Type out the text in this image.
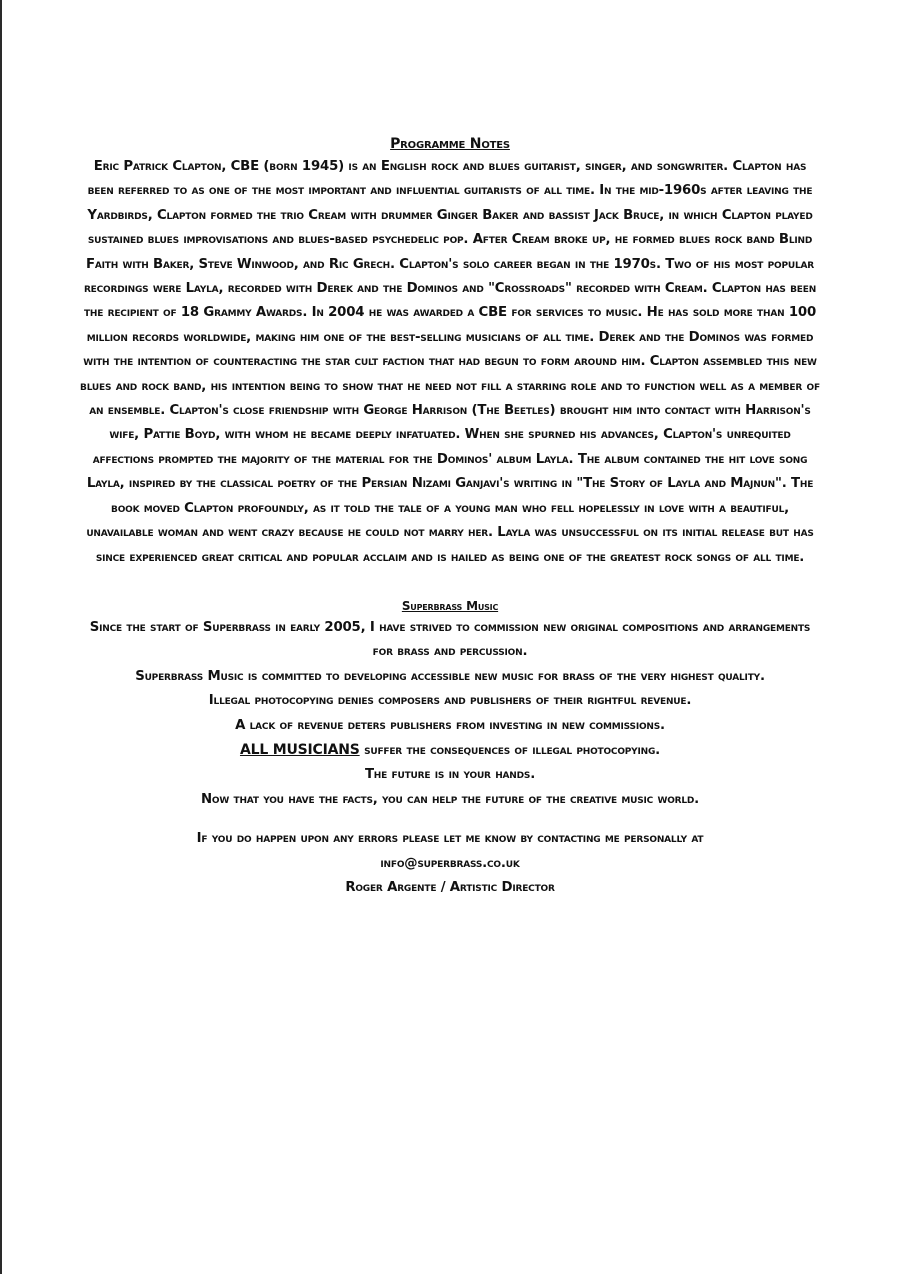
Programme Notes

Eric Patrick Clapton, CBE (born 1945) is an English rock and blues guitarist, singer, and songwriter. Clapton has been referred to as one of the most important and influential guitarists of all time. In the mid-1960s after leaving the Yardbirds, Clapton formed the trio Cream with drummer Ginger Baker and bassist Jack Bruce, in which Clapton played sustained blues improvisations and blues-based psychedelic pop. After Cream broke up, he formed blues rock band Blind Faith with Baker, Steve Winwood, and Ric Grech. Clapton's solo career began in the 1970s. Two of his most popular recordings were Layla, recorded with Derek and the Dominos and "Crossroads" recorded with Cream. Clapton has been the recipient of 18 Grammy Awards. In 2004 he was awarded a CBE for services to music. He has sold more than 100 million records worldwide, making him one of the best-selling musicians of all time. Derek and the Dominos was formed with the intention of counteracting the star cult faction that had begun to form around him. Clapton assembled this new blues and rock band, his intention being to show that he need not fill a starring role and to function well as a member of an ensemble. Clapton's close friendship with George Harrison (The Beetles) brought him into contact with Harrison's wife, Pattie Boyd, with whom he became deeply infatuated. When she spurned his advances, Clapton's unrequited affections prompted the majority of the material for the Dominos' album Layla. The album contained the hit love song Layla, inspired by the classical poetry of the Persian Nizami Ganjavi's writing in "The Story of Layla and Majnun". The book moved Clapton profoundly, as it told the tale of a young man who fell hopelessly in love with a beautiful, unavailable woman and went crazy because he could not marry her. Layla was unsuccessful on its initial release but has since experienced great critical and popular acclaim and is hailed as being one of the greatest rock songs of all time.

Superbrass Music
Since the start of Superbrass in early 2005, I have strived to commission new original compositions and arrangements for brass and percussion.
Superbrass Music is committed to developing accessible new music for brass of the very highest quality.
Illegal photocopying denies composers and publishers of their rightful revenue.
A lack of revenue deters publishers from investing in new commissions.
ALL MUSICIANS suffer the consequences of illegal photocopying.
The future is in your hands.
Now that you have the facts, you can help the future of the creative music world.
If you do happen upon any errors please let me know by contacting me personally at
info@superbrass.co.uk
Roger Argente / Artistic Director
